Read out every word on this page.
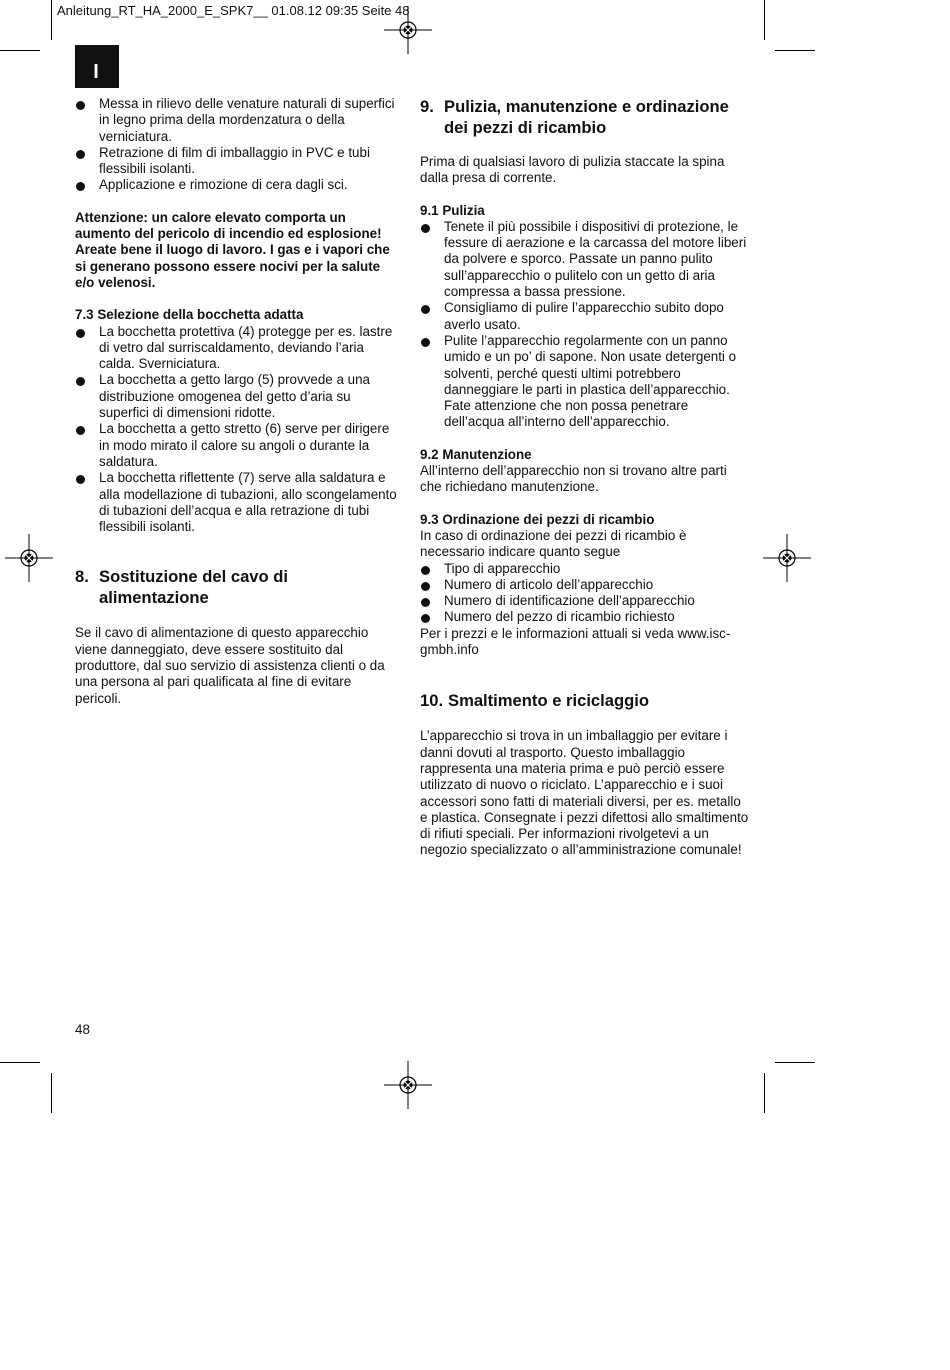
Anleitung_RT_HA_2000_E_SPK7__ 01.08.12 09:35 Seite 48
I
Messa in rilievo delle venature naturali di superfici in legno prima della mordenzatura o della verniciatura.
Retrazione di film di imballaggio in PVC e tubi flessibili isolanti.
Applicazione e rimozione di cera dagli sci.

Attenzione: un calore elevato comporta un aumento del pericolo di incendio ed esplosione! Areate bene il luogo di lavoro. I gas e i vapori che si generano possono essere nocivi per la salute e/o velenosi.

7.3 Selezione della bocchetta adatta

La bocchetta protettiva (4) protegge per es. lastre di vetro dal surriscaldamento, deviando l’aria calda. Sverniciatura.
La bocchetta a getto largo (5) provvede a una distribuzione omogenea del getto d’aria su superfici di dimensioni ridotte.
La bocchetta a getto stretto (6) serve per dirigere in modo mirato il calore su angoli o durante la saldatura.
La bocchetta riflettente (7) serve alla saldatura e alla modellazione di tubazioni, allo scongelamento di tubazioni dell’acqua e alla retrazione di tubi flessibili isolanti.
8. Sostituzione del cavo di alimentazione

Se il cavo di alimentazione di questo apparecchio viene danneggiato, deve essere sostituito dal produttore, dal suo servizio di assistenza clienti o da una persona al pari qualificata al fine di evitare pericoli.

9. Pulizia, manutenzione e ordinazione dei pezzi di ricambio

Prima di qualsiasi lavoro di pulizia staccate la spina dalla presa di corrente.

9.1 Pulizia

Tenete il più possibile i dispositivi di protezione, le fessure di aerazione e la carcassa del motore liberi da polvere e sporco. Passate un panno pulito sull’apparecchio o pulitelo con un getto di aria compressa a bassa pressione.
Consigliamo di pulire l’apparecchio subito dopo averlo usato.
Pulite l’apparecchio regolarmente con un panno umido e un po’ di sapone. Non usate detergenti o solventi, perché questi ultimi potrebbero danneggiare le parti in plastica dell’apparecchio. Fate attenzione che non possa penetrare dell’acqua all’interno dell’apparecchio.

9.2 Manutenzione

All’interno dell’apparecchio non si trovano altre parti che richiedano manutenzione.

9.3 Ordinazione dei pezzi di ricambio

In caso di ordinazione dei pezzi di ricambio è necessario indicare quanto segue

Tipo di apparecchio
Numero di articolo dell’apparecchio
Numero di identificazione dell’apparecchio
Numero del pezzo di ricambio richiesto

Per i prezzi e le informazioni attuali si veda www.isc-gmbh.info

10. Smaltimento e riciclaggio

L’apparecchio si trova in un imballaggio per evitare i danni dovuti al trasporto. Questo imballaggio rappresenta una materia prima e può perciò essere utilizzato di nuovo o riciclato. L’apparecchio e i suoi accessori sono fatti di materiali diversi, per es. metallo e plastica. Consegnate i pezzi difettosi allo smaltimento di rifiuti speciali. Per informazioni rivolgetevi a un negozio specializzato o all’amministrazione comunale!

48
